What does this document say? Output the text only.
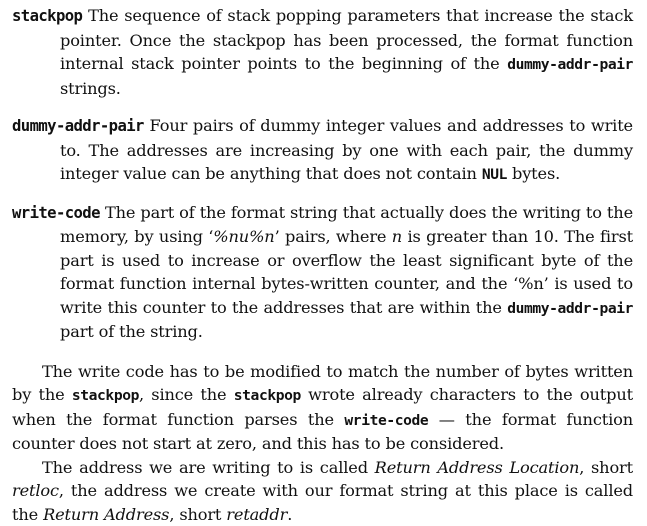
stackpop The sequence of stack popping parameters that increase the stack pointer. Once the stackpop has been processed, the format function internal stack pointer points to the beginning of the dummy-addr-pair strings.

dummy-addr-pair Four pairs of dummy integer values and addresses to write to. The addresses are increasing by one with each pair, the dummy integer value can be anything that does not contain NUL bytes.

write-code The part of the format string that actually does the writing to the memory, by using ‘%nu%n’ pairs, where n is greater than 10. The first part is used to increase or overflow the least significant byte of the format function internal bytes-written counter, and the ‘%n’ is used to write this counter to the addresses that are within the dummy-addr-pair part of the string.

The write code has to be modified to match the number of bytes written by the stackpop, since the stackpop wrote already characters to the output when the format function parses the write-code — the format function counter does not start at zero, and this has to be considered.

The address we are writing to is called Return Address Location, short retloc, the address we create with our format string at this place is called the Return Address, short retaddr.
